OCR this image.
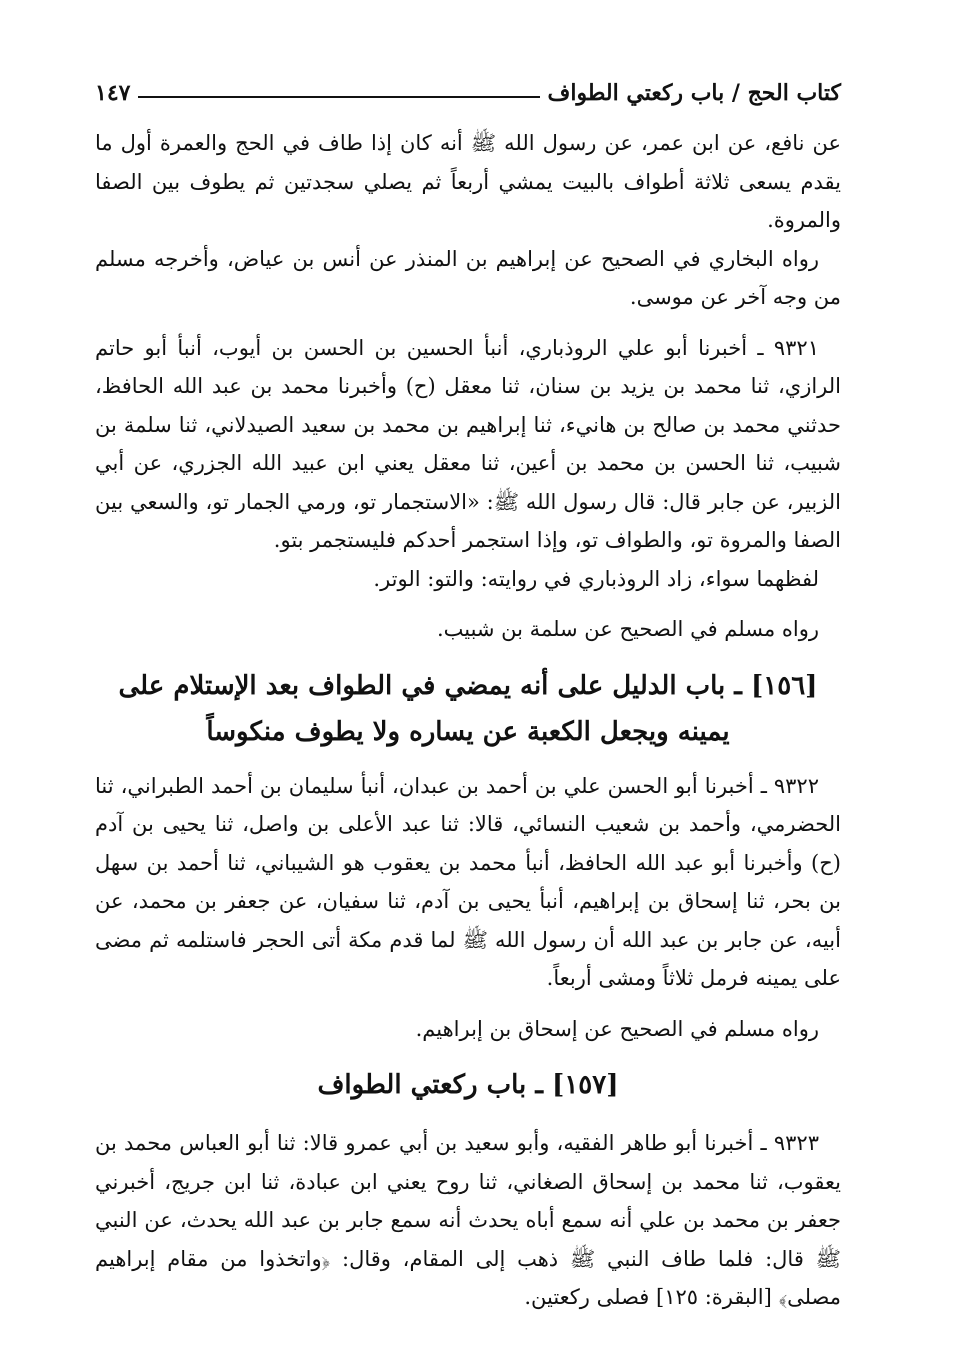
كتاب الحج / باب ركعتي الطواف
١٤٧

عن نافع، عن ابن عمر، عن رسول الله ﷺ أنه كان إذا طاف في الحج والعمرة أول ما يقدم يسعى ثلاثة أطواف بالبيت يمشي أربعاً ثم يصلي سجدتين ثم يطوف بين الصفا والمروة.

رواه البخاري في الصحيح عن إبراهيم بن المنذر عن أنس بن عياض، وأخرجه مسلم من وجه آخر عن موسى.

٩٣٢١ ـ أخبرنا أبو علي الروذباري، أنبأ الحسين بن الحسن بن أيوب، أنبأ أبو حاتم الرازي، ثنا محمد بن يزيد بن سنان، ثنا معقل (ح) وأخبرنا محمد بن عبد الله الحافظ، حدثني محمد بن صالح بن هانيء، ثنا إبراهيم بن محمد بن سعيد الصيدلاني، ثنا سلمة بن شبيب، ثنا الحسن بن محمد بن أعين، ثنا معقل يعني ابن عبيد الله الجزري، عن أبي الزبير، عن جابر قال: قال رسول الله ﷺ: «الاستجمار تو، ورمي الجمار تو، والسعي بين الصفا والمروة تو، والطواف تو، وإذا استجمر أحدكم فليستجمر بتو.

لفظهما سواء، زاد الروذباري في روايته: والتو: الوتر.

رواه مسلم في الصحيح عن سلمة بن شبيب.

[١٥٦] ـ باب الدليل على أنه يمضي في الطواف بعد الإستلام على يمينه ويجعل الكعبة عن يساره ولا يطوف منكوساً

٩٣٢٢ ـ أخبرنا أبو الحسن علي بن أحمد بن عبدان، أنبأ سليمان بن أحمد الطبراني، ثنا الحضرمي، وأحمد بن شعيب النسائي، قالا: ثنا عبد الأعلى بن واصل، ثنا يحيى بن آدم (ح) وأخبرنا أبو عبد الله الحافظ، أنبأ محمد بن يعقوب هو الشيباني، ثنا أحمد بن سهل بن بحر، ثنا إسحاق بن إبراهيم، أنبأ يحيى بن آدم، ثنا سفيان، عن جعفر بن محمد، عن أبيه، عن جابر بن عبد الله أن رسول الله ﷺ لما قدم مكة أتى الحجر فاستلمه ثم مضى على يمينه فرمل ثلاثاً ومشى أربعاً.

رواه مسلم في الصحيح عن إسحاق بن إبراهيم.

[١٥٧] ـ باب ركعتي الطواف

٩٣٢٣ ـ أخبرنا أبو طاهر الفقيه، وأبو سعيد بن أبي عمرو قالا: ثنا أبو العباس محمد بن يعقوب، ثنا محمد بن إسحاق الصغاني، ثنا روح يعني ابن عبادة، ثنا ابن جريج، أخبرني جعفر بن محمد بن علي أنه سمع أباه يحدث أنه سمع جابر بن عبد الله يحدث، عن النبي ﷺ قال: فلما طاف النبي ﷺ ذهب إلى المقام، وقال: ﴿واتخذوا من مقام إبراهيم مصلى﴾ [البقرة: ١٢٥] فصلى ركعتين.
